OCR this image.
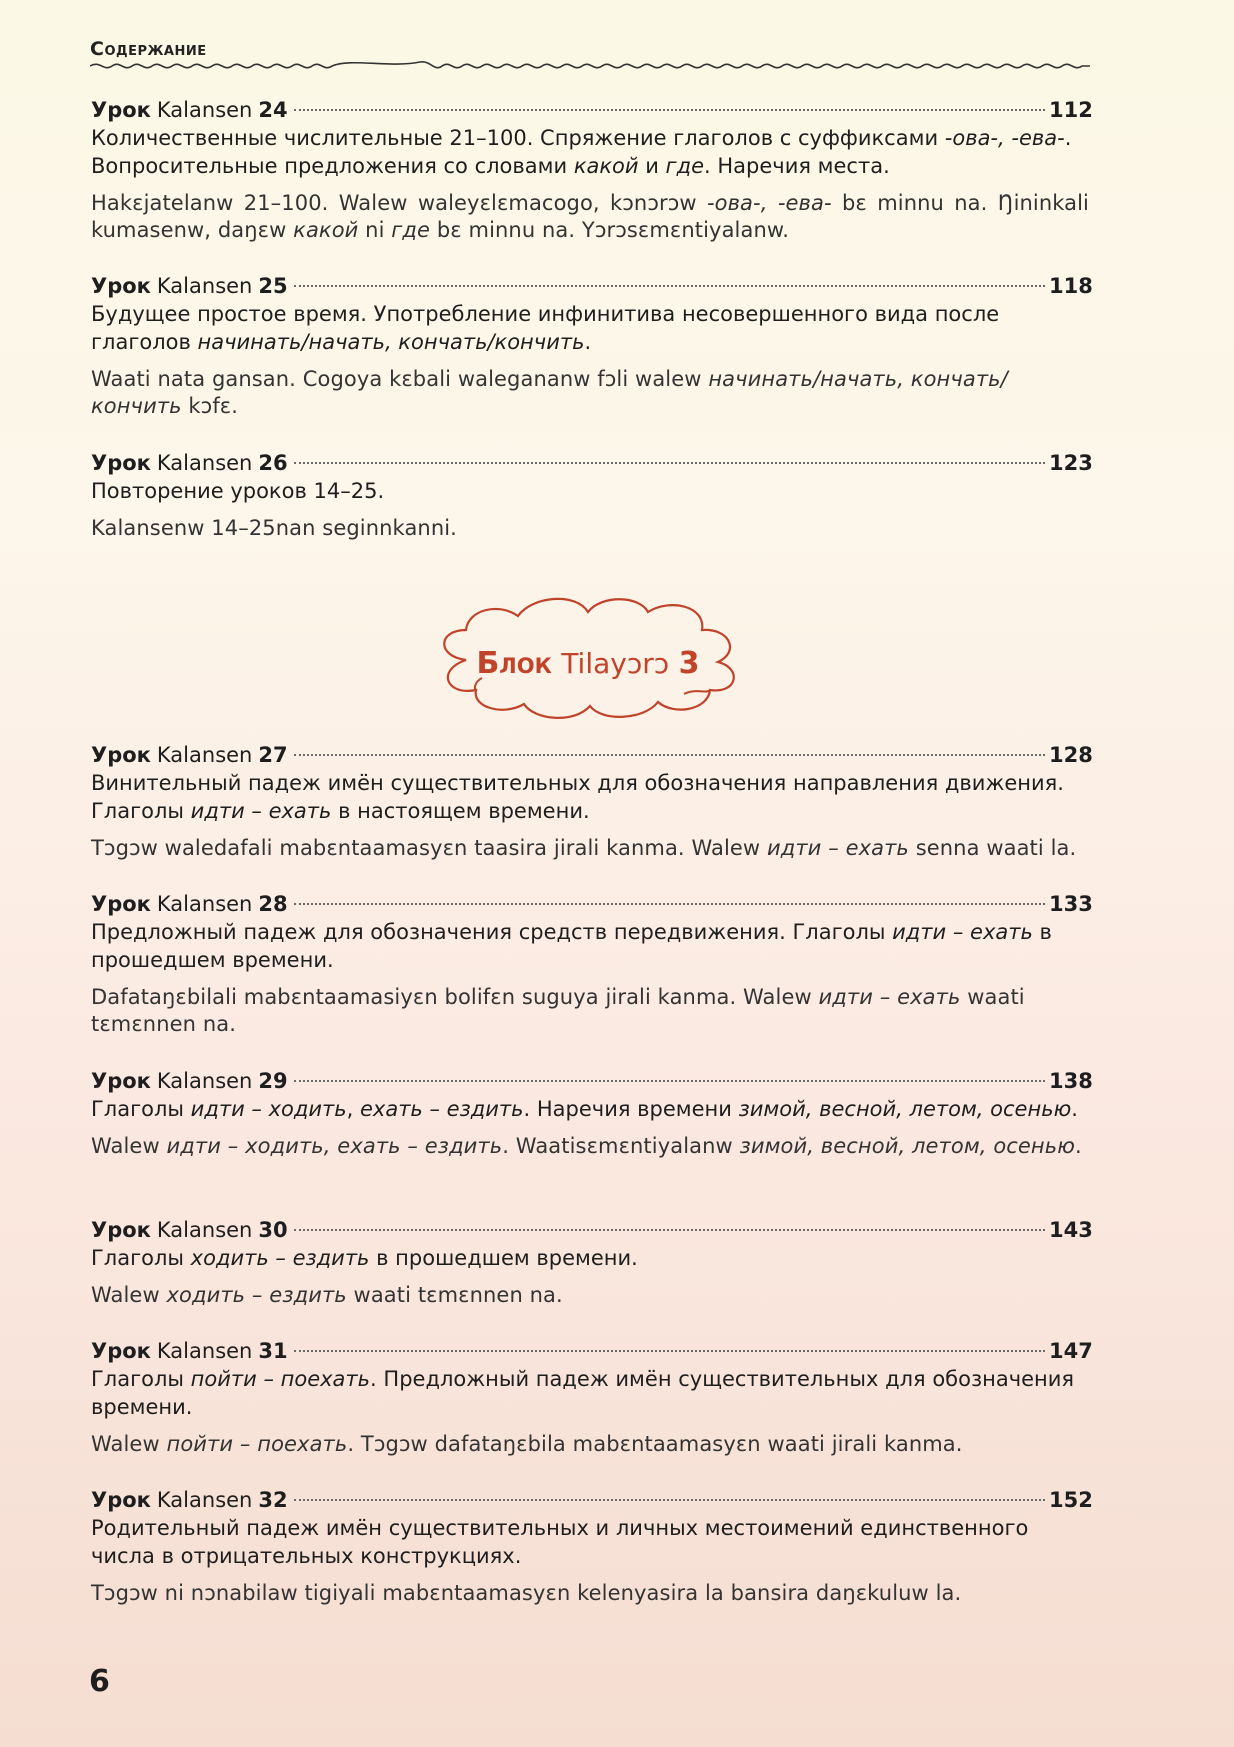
Содержание
Урок Kalansen 24	112
Количественные числительные 21–100. Спряжение глаголов с суффиксами -ова-, -ева-. Вопросительные предложения со словами какой и где. Наречия места.
Hakɛjatelanw 21–100. Walew waleyɛlɛmacogo, kɔnɔrɔw -ова-, -ева- bɛ minnu na. Ŋininkali kumasenw, daŋɛw какой ni где bɛ minnu na. Yɔrɔsɛmɛntiyalanw.
Урок Kalansen 25	118
Будущее простое время. Употребление инфинитива несовершенного вида после глаголов начинать/начать, кончать/кончить.
Waati nata gansan. Cogoya kɛbali walegananw fɔli walew начинать/начать, кончать/кончить kɔfɛ.
Урок Kalansen 26	123
Повторение уроков 14–25.
Kalansenw 14–25nan seginnkanni.
Урок Kalansen 27	128
Винительный падеж имён существительных для обозначения направления движения. Глаголы идти – ехать в настоящем времени.
Tɔgɔw waledafali mabɛntaamasyɛn taasira jirali kanma. Walew идти – ехать senna waati la.
Урок Kalansen 28	133
Предложный падеж для обозначения средств передвижения. Глаголы идти – ехать в прошедшем времени.
Dafataŋɛbilali mabɛntaamasiyɛn bolifɛn suguya jirali kanma. Walew идти – ехать waati tɛmɛnnen na.
Урок Kalansen 29	138
Глаголы идти – ходить, ехать – ездить. Наречия времени зимой, весной, летом, осенью.
Walew идти – ходить, ехать – ездить. Waatisɛmɛntiyalanw зимой, весной, летом, осенью.
Урок Kalansen 30	143
Глаголы ходить – ездить в прошедшем времени.
Walew ходить – ездить waati tɛmɛnnen na.
Урок Kalansen 31	147
Глаголы пойти – поехать. Предложный падеж имён существительных для обозначения времени.
Walew пойти – поехать. Tɔgɔw dafataŋɛbila mabɛntaamasyɛn waati jirali kanma.
Урок Kalansen 32	152
Родительный падеж имён существительных и личных местоимений единственного числа в отрицательных конструкциях.
Tɔgɔw ni nɔnabilaw tigiyali mabɛntaamasyɛn kelenyasira la bansira daŋɛkuluw la.
Блок Tilayɔrɔ 3
6
